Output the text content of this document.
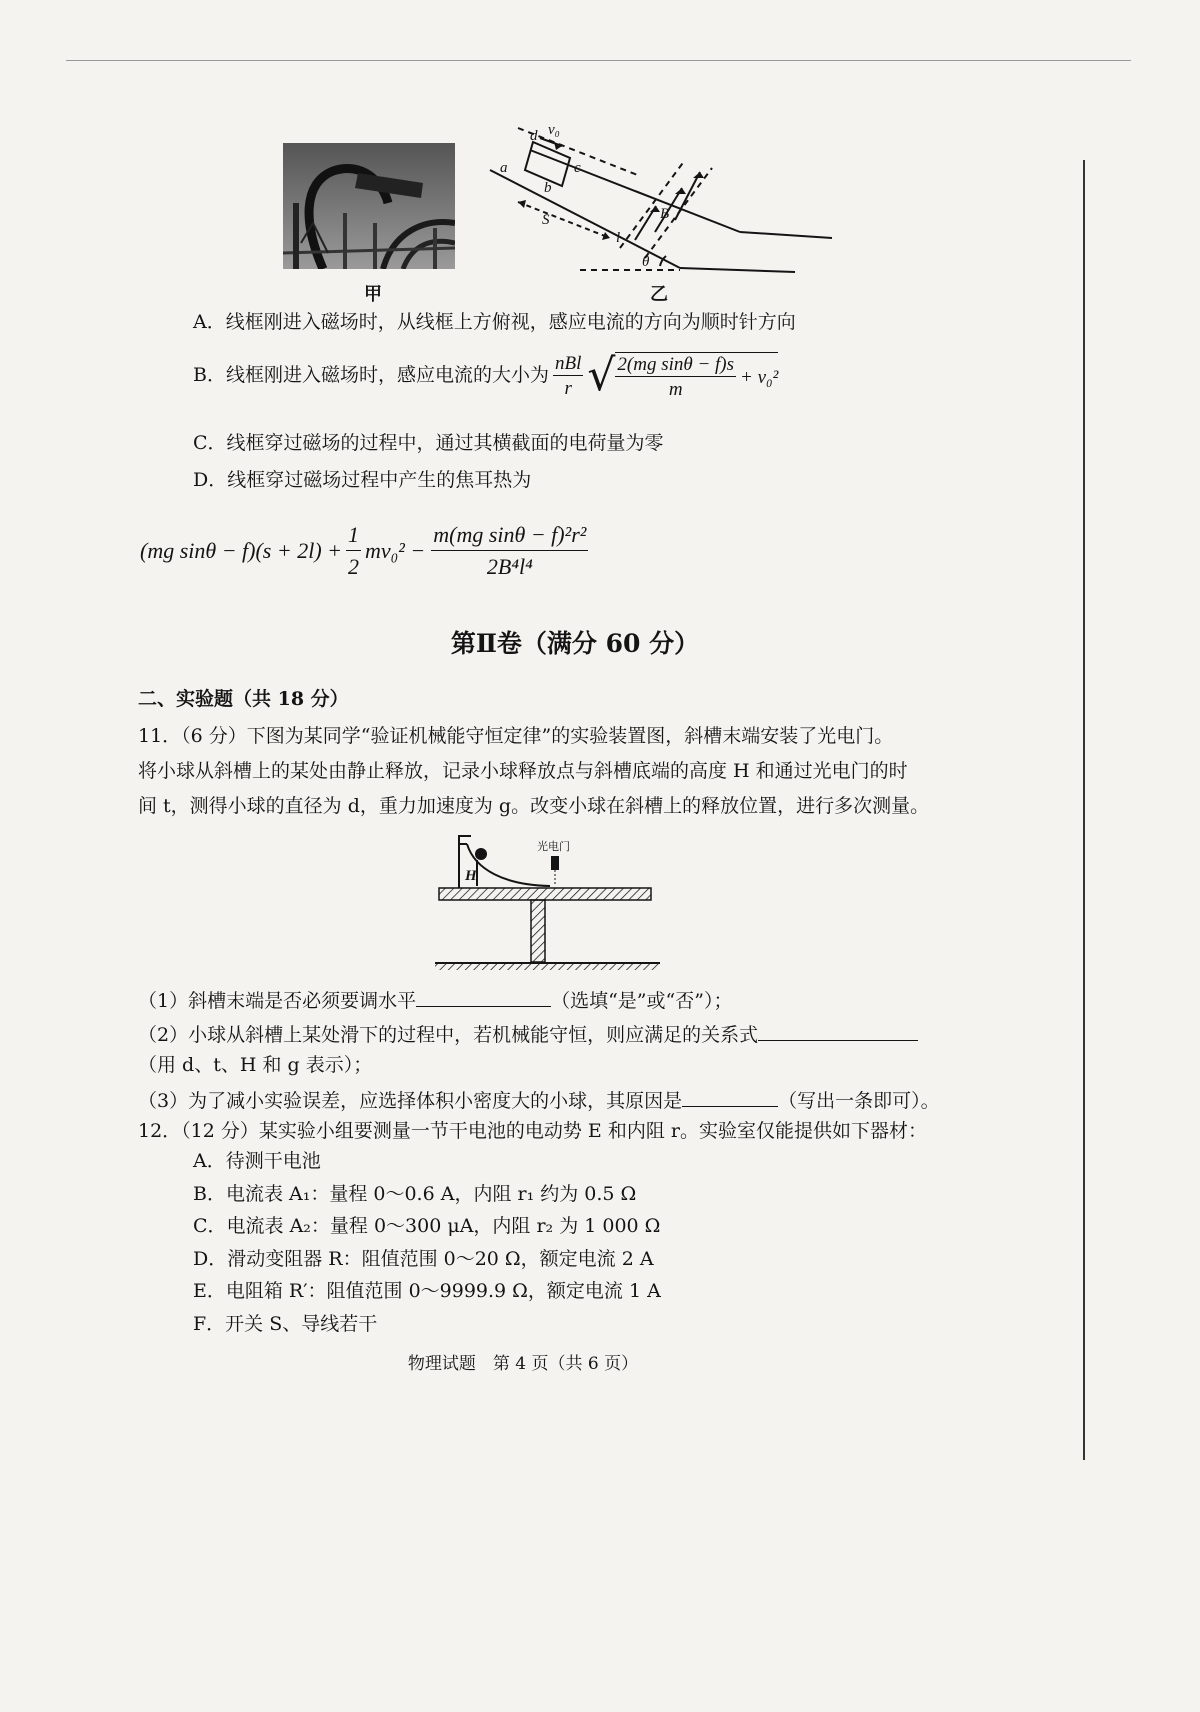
甲
v₀
d
a	c
b
S
l
B
θ
乙
A．线框刚进入磁场时，从线框上方俯视，感应电流的方向为顺时针方向
B．线框刚进入磁场时，感应电流的大小为 $\frac{\text{nBl}}{r}$ √ $\frac{\text{2(mg sinθ − f)s}}{m} + v_0^2$
C．线框穿过磁场的过程中，通过其横截面的电荷量为零
D．线框穿过磁场过程中产生的焦耳热为
(mg $\sin\theta - f)(s + 2l) + \frac{1}{2} mv_0^2 - \frac{\text{m(mg sinθ − f)²r²}}{\text{2B⁴l⁴}}$
第Ⅱ卷（满分 60 分）
二、实验题（共 18 分）
11．（6 分）下图为某同学“验证机械能守恒定律”的实验装置图，斜槽末端安装了光电门。
将小球从斜槽上的某处由静止释放，记录小球释放点与斜槽底端的高度 H 和通过光电门的时
间 t，测得小球的直径为 d，重力加速度为 g。改变小球在斜槽上的释放位置，进行多次测量。
H
光电门
（1）斜槽末端是否必须要调水平	（选填“是”或“否”）；
（2）小球从斜槽上某处滑下的过程中，若机械能守恒，则应满足的关系式
（用 d、t、H 和 g 表示）；
（3）为了减小实验误差，应选择体积小密度大的小球，其原因是	（写出一条即可）。
12．（12 分）某实验小组要测量一节干电池的电动势 E 和内阻 r。实验室仅能提供如下器材：
A．待测干电池
B．电流表 A₁：量程 0～0.6 A，内阻 r₁ 约为 0.5 Ω
C．电流表 A₂：量程 0～300 μA，内阻 r₂ 为 1 000 Ω
D．滑动变阻器 R：阻值范围 0～20 Ω，额定电流 2 A
E．电阻箱 R′：阻值范围 0～9999.9 Ω，额定电流 1 A
F．开关 S、导线若干
物理试题　第 4 页（共 6 页）
